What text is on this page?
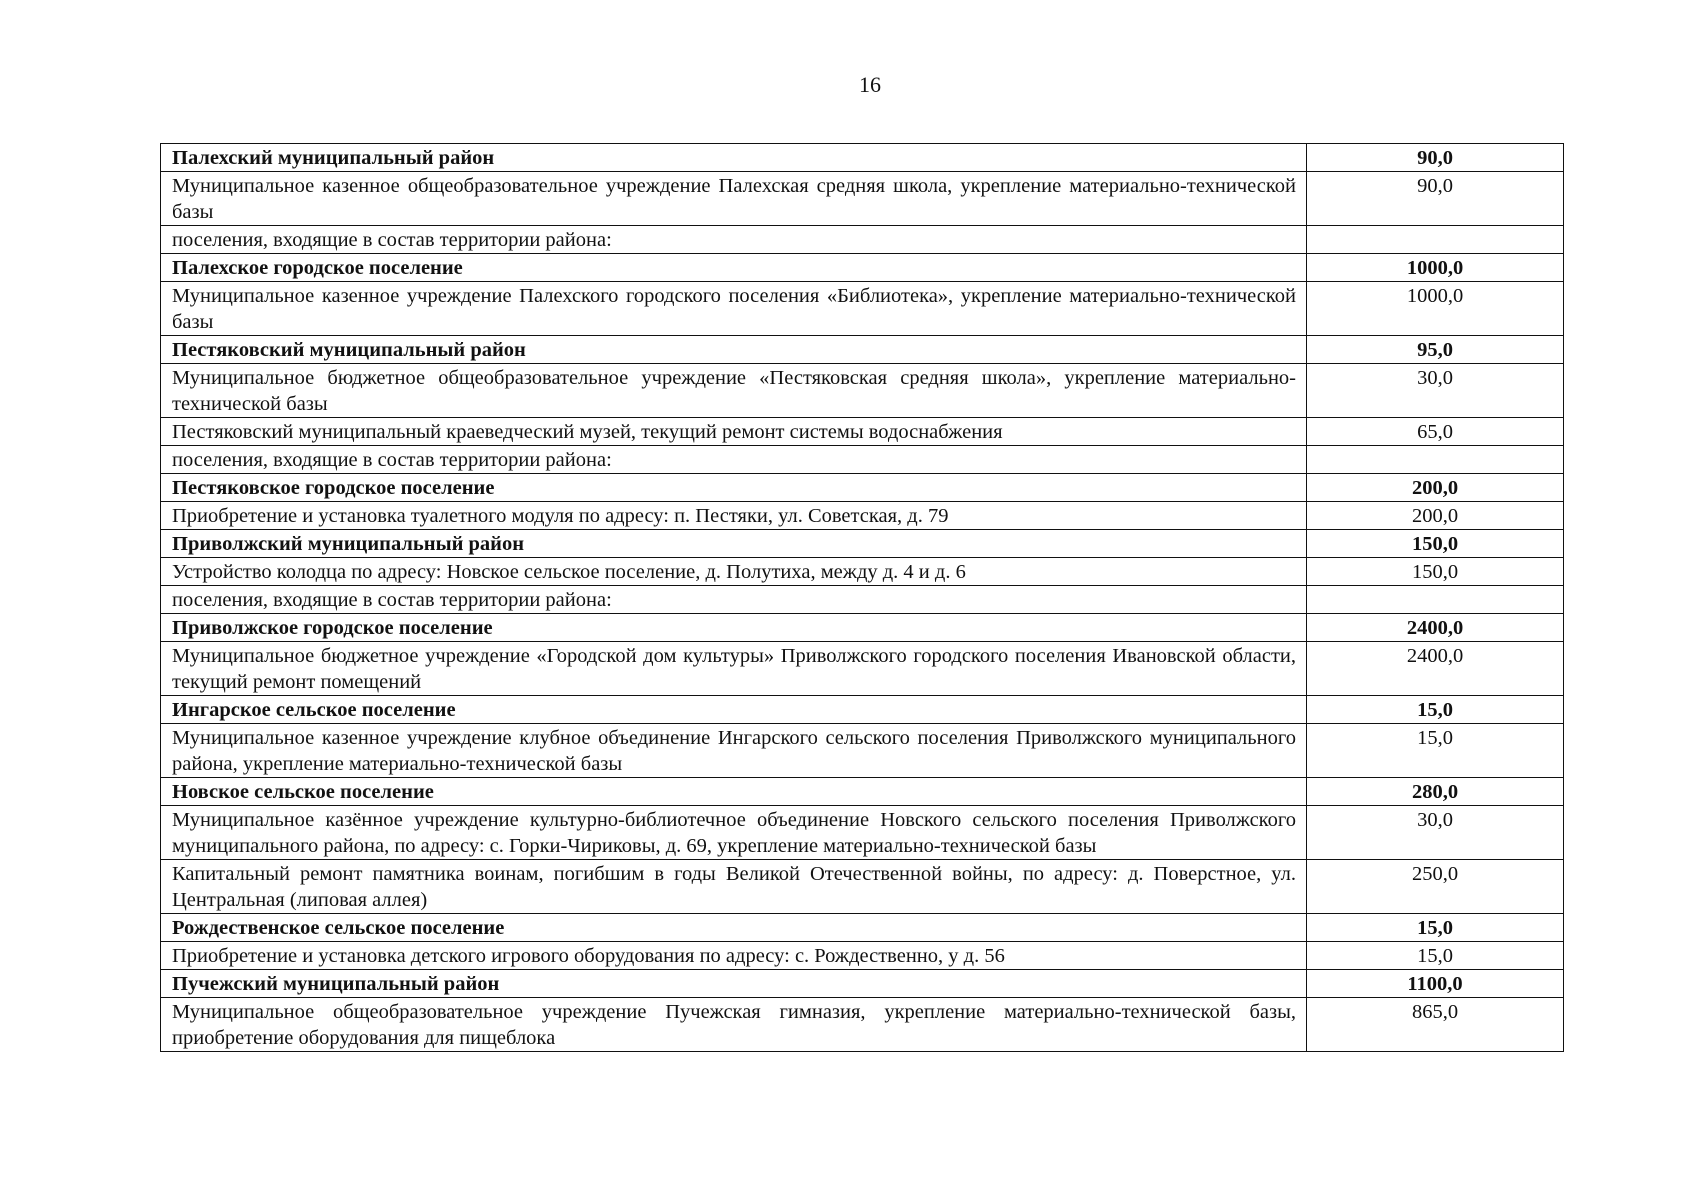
16
Палехский муниципальный район	90,0
Муниципальное казенное общеобразовательное учреждение Палехская средняя школа, укрепление материально-технической базы	90,0
поселения, входящие в состав территории района:	
Палехское городское поселение	1000,0
Муниципальное казенное учреждение Палехского городского поселения «Библиотека», укрепление материально-технической базы	1000,0
Пестяковский муниципальный район	95,0
Муниципальное бюджетное общеобразовательное учреждение «Пестяковская средняя школа», укрепление материально-технической базы	30,0
Пестяковский муниципальный краеведческий музей, текущий ремонт системы водоснабжения	65,0
поселения, входящие в состав территории района:	
Пестяковское городское поселение	200,0
Приобретение и установка туалетного модуля по адресу: п. Пестяки, ул. Советская, д. 79	200,0
Приволжский муниципальный район	150,0
Устройство колодца по адресу: Новское сельское поселение, д. Полутиха, между д. 4 и д. 6	150,0
поселения, входящие в состав территории района:	
Приволжское городское поселение	2400,0
Муниципальное бюджетное учреждение «Городской дом культуры» Приволжского городского поселения Ивановской области, текущий ремонт помещений	2400,0
Ингарское сельское поселение	15,0
Муниципальное казенное учреждение клубное объединение Ингарского сельского поселения Приволжского муниципального района, укрепление материально-технической базы	15,0
Новское сельское поселение	280,0
Муниципальное казённое учреждение культурно-библиотечное объединение Новского сельского поселения Приволжского муниципального района, по адресу: с. Горки-Чириковы, д. 69, укрепление материально-технической базы	30,0
Капитальный ремонт памятника воинам, погибшим в годы Великой Отечественной войны, по адресу: д. Поверстное, ул. Центральная (липовая аллея)	250,0
Рождественское сельское поселение	15,0
Приобретение и установка детского игрового оборудования по адресу: с. Рождественно, у д. 56	15,0
Пучежский муниципальный район	1100,0
Муниципальное общеобразовательное учреждение Пучежская гимназия, укрепление материально-технической базы, приобретение оборудования для пищеблока	865,0
